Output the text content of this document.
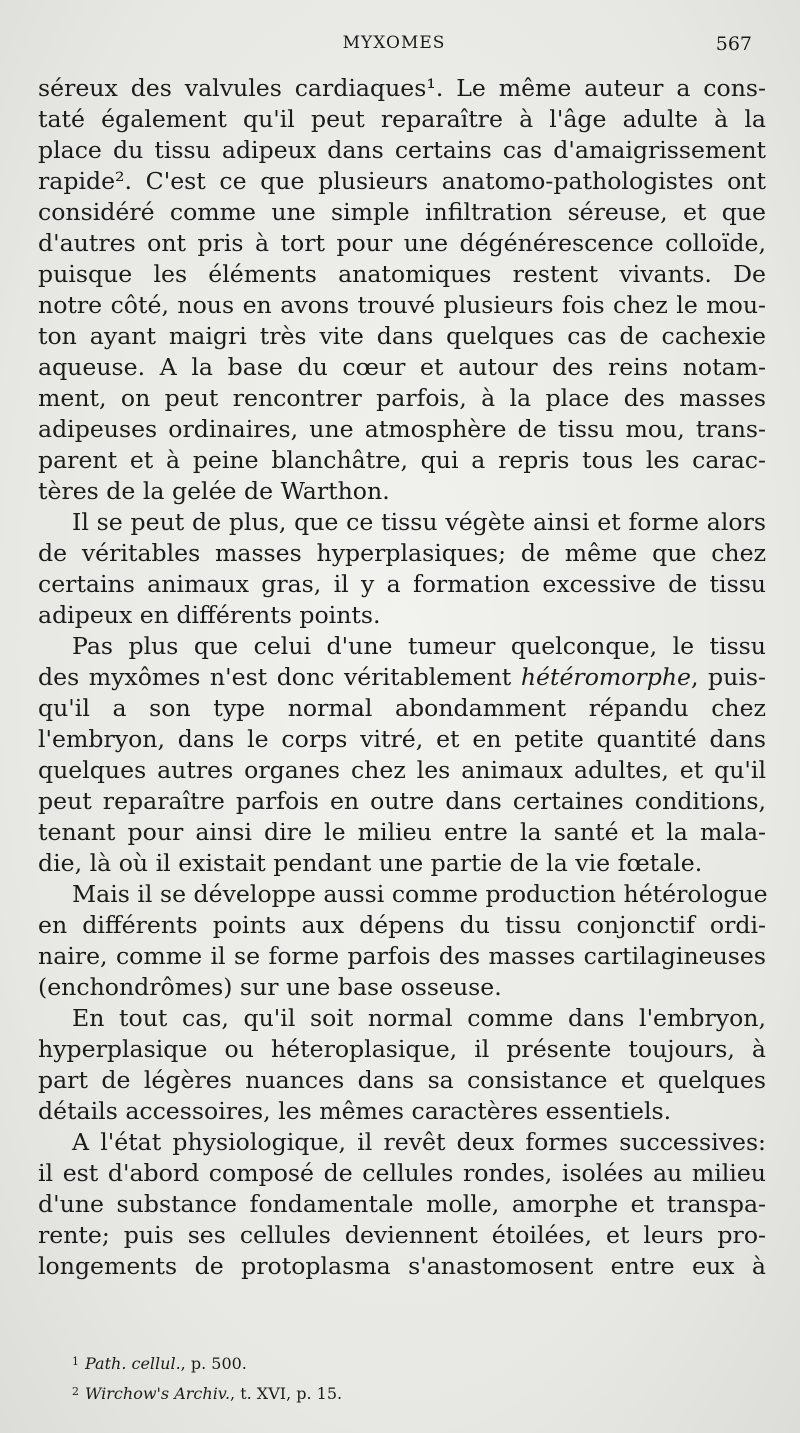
MYXOMES	567
séreux des valvules cardiaques¹. Le même auteur a cons-
taté également qu'il peut reparaître à l'âge adulte à la
place du tissu adipeux dans certains cas d'amaigrissement
rapide². C'est ce que plusieurs anatomo-pathologistes ont
considéré comme une simple infiltration séreuse, et que
d'autres ont pris à tort pour une dégénérescence colloïde,
puisque les éléments anatomiques restent vivants. De
notre côté, nous en avons trouvé plusieurs fois chez le mou-
ton ayant maigri très vite dans quelques cas de cachexie
aqueuse. A la base du cœur et autour des reins notam-
ment, on peut rencontrer parfois, à la place des masses
adipeuses ordinaires, une atmosphère de tissu mou, trans-
parent et à peine blanchâtre, qui a repris tous les carac-
tères de la gelée de Warthon.
Il se peut de plus, que ce tissu végète ainsi et forme alors
de véritables masses hyperplasiques; de même que chez
certains animaux gras, il y a formation excessive de tissu
adipeux en différents points.
Pas plus que celui d'une tumeur quelconque, le tissu
des myxômes n'est donc véritablement hétéromorphe, puis-
qu'il a son type normal abondamment répandu chez
l'embryon, dans le corps vitré, et en petite quantité dans
quelques autres organes chez les animaux adultes, et qu'il
peut reparaître parfois en outre dans certaines conditions,
tenant pour ainsi dire le milieu entre la santé et la mala-
die, là où il existait pendant une partie de la vie fœtale.
Mais il se développe aussi comme production hétérologue
en différents points aux dépens du tissu conjonctif ordi-
naire, comme il se forme parfois des masses cartilagineuses
(enchondrômes) sur une base osseuse.
En tout cas, qu'il soit normal comme dans l'embryon,
hyperplasique ou héteroplasique, il présente toujours, à
part de légères nuances dans sa consistance et quelques
détails accessoires, les mêmes caractères essentiels.
A l'état physiologique, il revêt deux formes successives:
il est d'abord composé de cellules rondes, isolées au milieu
d'une substance fondamentale molle, amorphe et transpa-
rente; puis ses cellules deviennent étoilées, et leurs pro-
longements de protoplasma s'anastomosent entre eux à
$^1$ Path. cellul., p. 500.
$^2$ Wirchow's Archiv., t. XVI, p. 15.
